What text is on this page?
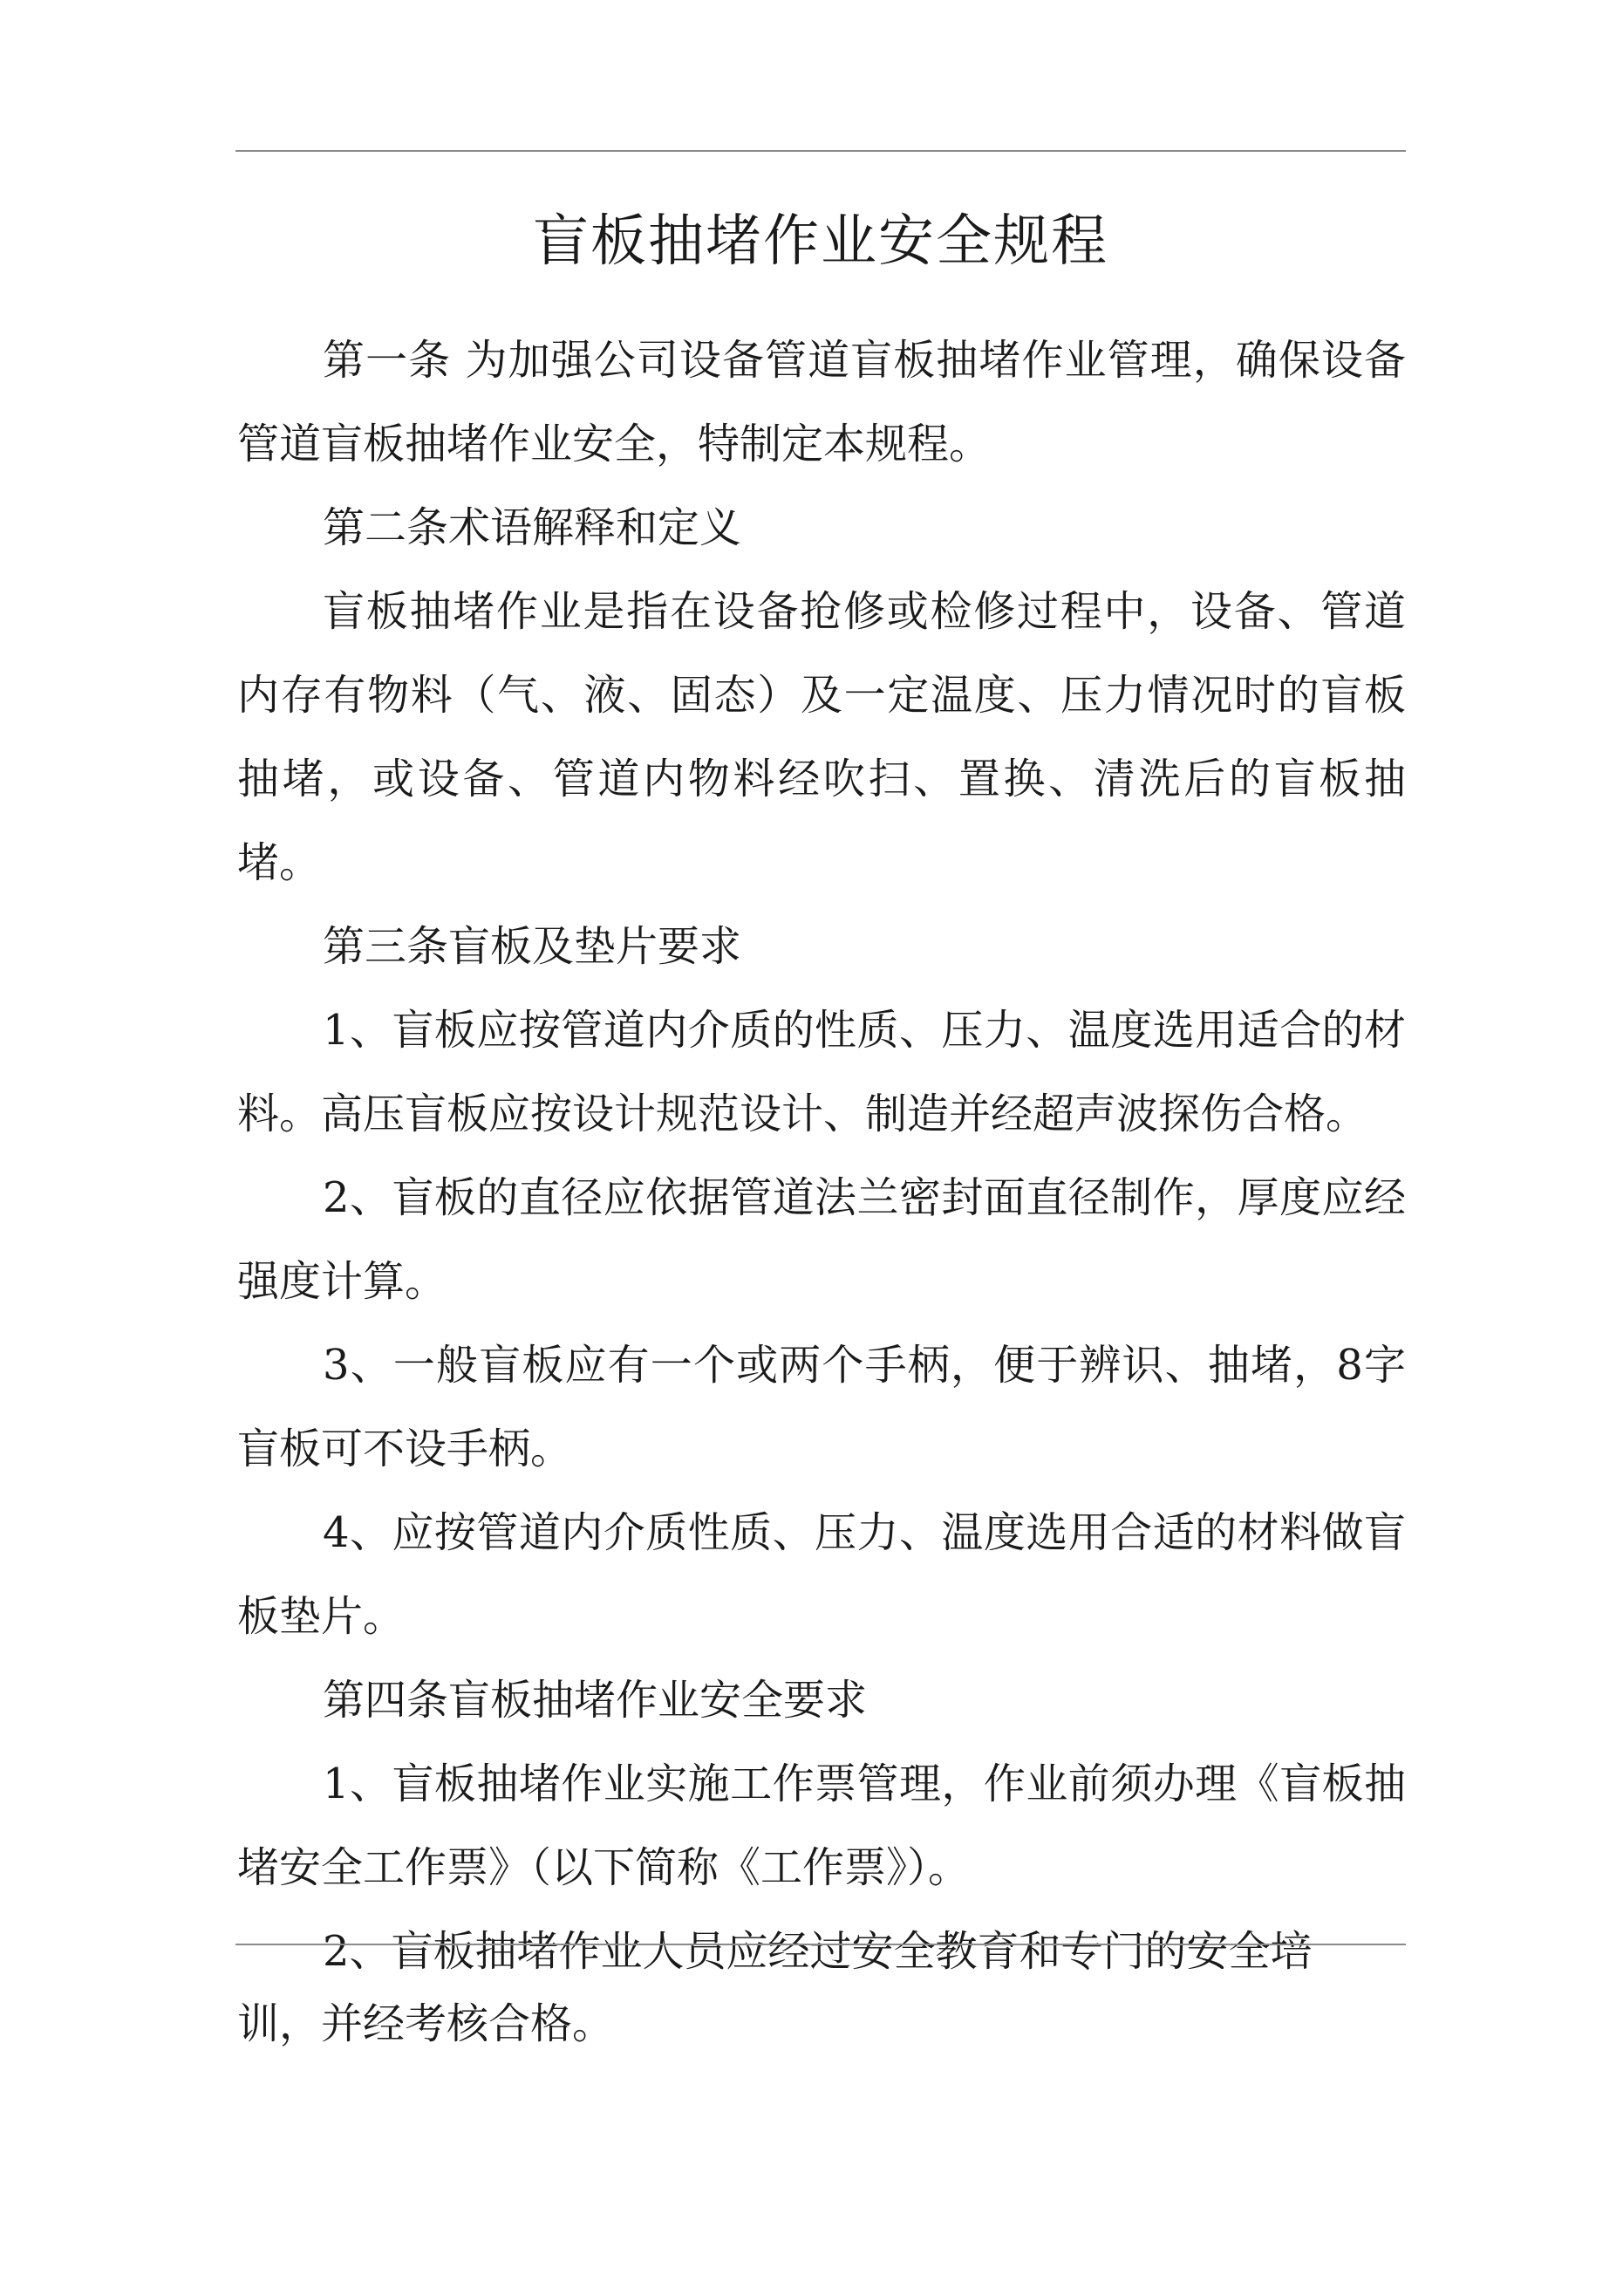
盲板抽堵作业安全规程

第一条 为加强公司设备管道盲板抽堵作业管理，确保设备管道盲板抽堵作业安全，特制定本规程。

第二条术语解释和定义

盲板抽堵作业是指在设备抢修或检修过程中，设备、管道内存有物料（气、液、固态）及一定温度、压力情况时的盲板抽堵，或设备、管道内物料经吹扫、置换、清洗后的盲板抽堵。

第三条盲板及垫片要求

1、盲板应按管道内介质的性质、压力、温度选用适合的材料。高压盲板应按设计规范设计、制造并经超声波探伤合格。

2、盲板的直径应依据管道法兰密封面直径制作，厚度应经强度计算。

3、一般盲板应有一个或两个手柄，便于辨识、抽堵，8字盲板可不设手柄。

4、应按管道内介质性质、压力、温度选用合适的材料做盲板垫片。

第四条盲板抽堵作业安全要求

1、盲板抽堵作业实施工作票管理，作业前须办理《盲板抽堵安全工作票》（以下简称《工作票》）。

2、盲板抽堵作业人员应经过安全教育和专门的安全培

训，并经考核合格。
